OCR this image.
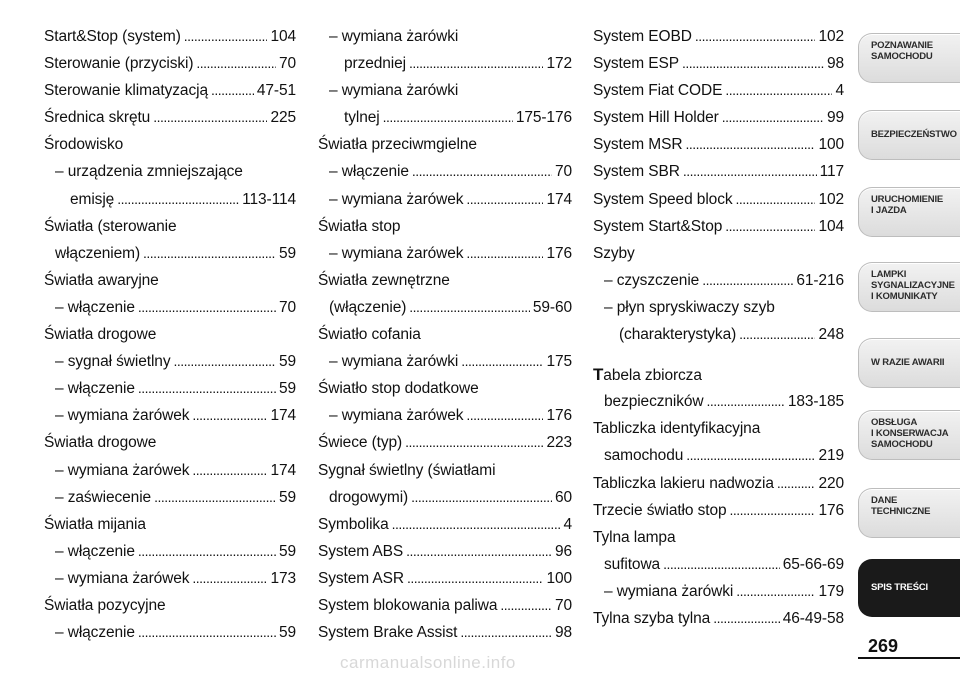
Start&Stop (system) . . .	104
Sterowanie (przyciski) . . .	70
Sterowanie klimatyzacją . . .	47-51
Średnica skrętu . . .	225
Środowisko
– urządzenia zmniejszające
emisję . . .	113-114
Światła (sterowanie
włączeniem) . . .	59
Światła awaryjne
– włączenie . . .	70
Światła drogowe
– sygnał świetlny . . .	59
– włączenie . . .	59
– wymiana żarówek . . .	174
Światła drogowe
– wymiana żarówek . . .	174
– zaświecenie . . .	59
Światła mijania
– włączenie . . .	59
– wymiana żarówek . . .	173
Światła pozycyjne
– włączenie . . .	59
– wymiana żarówki
przedniej . . .	172
– wymiana żarówki
tylnej . . .	175-176
Światła przeciwmgielne
– włączenie . . .	70
– wymiana żarówek . . .	174
Światła stop
– wymiana żarówek . . .	176
Światła zewnętrzne
(włączenie) . . .	59-60
Światło cofania
– wymiana żarówki . . .	175
Światło stop dodatkowe
– wymiana żarówek . . .	176
Świece (typ) . . .	223
Sygnał świetlny (światłami
drogowymi) . . .	60
Symbolika . . .	4
System ABS . . .	96
System ASR . . .	100
System blokowania paliwa . . .	70
System Brake Assist . . .	98
System EOBD . . .	102
System ESP . . .	98
System Fiat CODE . . .	4
System Hill Holder . . .	99
System MSR . . .	100
System SBR . . .	117
System Speed block . . .	102
System Start&Stop . . .	104
Szyby
– czyszczenie . . .	61-216
– płyn spryskiwaczy szyb
(charakterystyka) . . .	248
Tabela zbiorcza
bezpieczników . . .	183-185
Tabliczka identyfikacyjna
samochodu . . .	219
Tabliczka lakieru nadwozia . . .	220
Trzecie światło stop . . .	176
Tylna lampa
sufitowa . . .	65-66-69
– wymiana żarówki . . .	179
Tylna szyba tylna . . .	46-49-58
POZNAWANIE
SAMOCHODU
BEZPIECZEŃSTWO
URUCHOMIENIE
I JAZDA
LAMPKI
SYGNALIZACYJNE
I KOMUNIKATY
W RAZIE AWARII
OBSŁUGA
I KONSERWACJA
SAMOCHODU
DANE
TECHNICZNE
SPIS TREŚCI
269
carmanualsonline.info
